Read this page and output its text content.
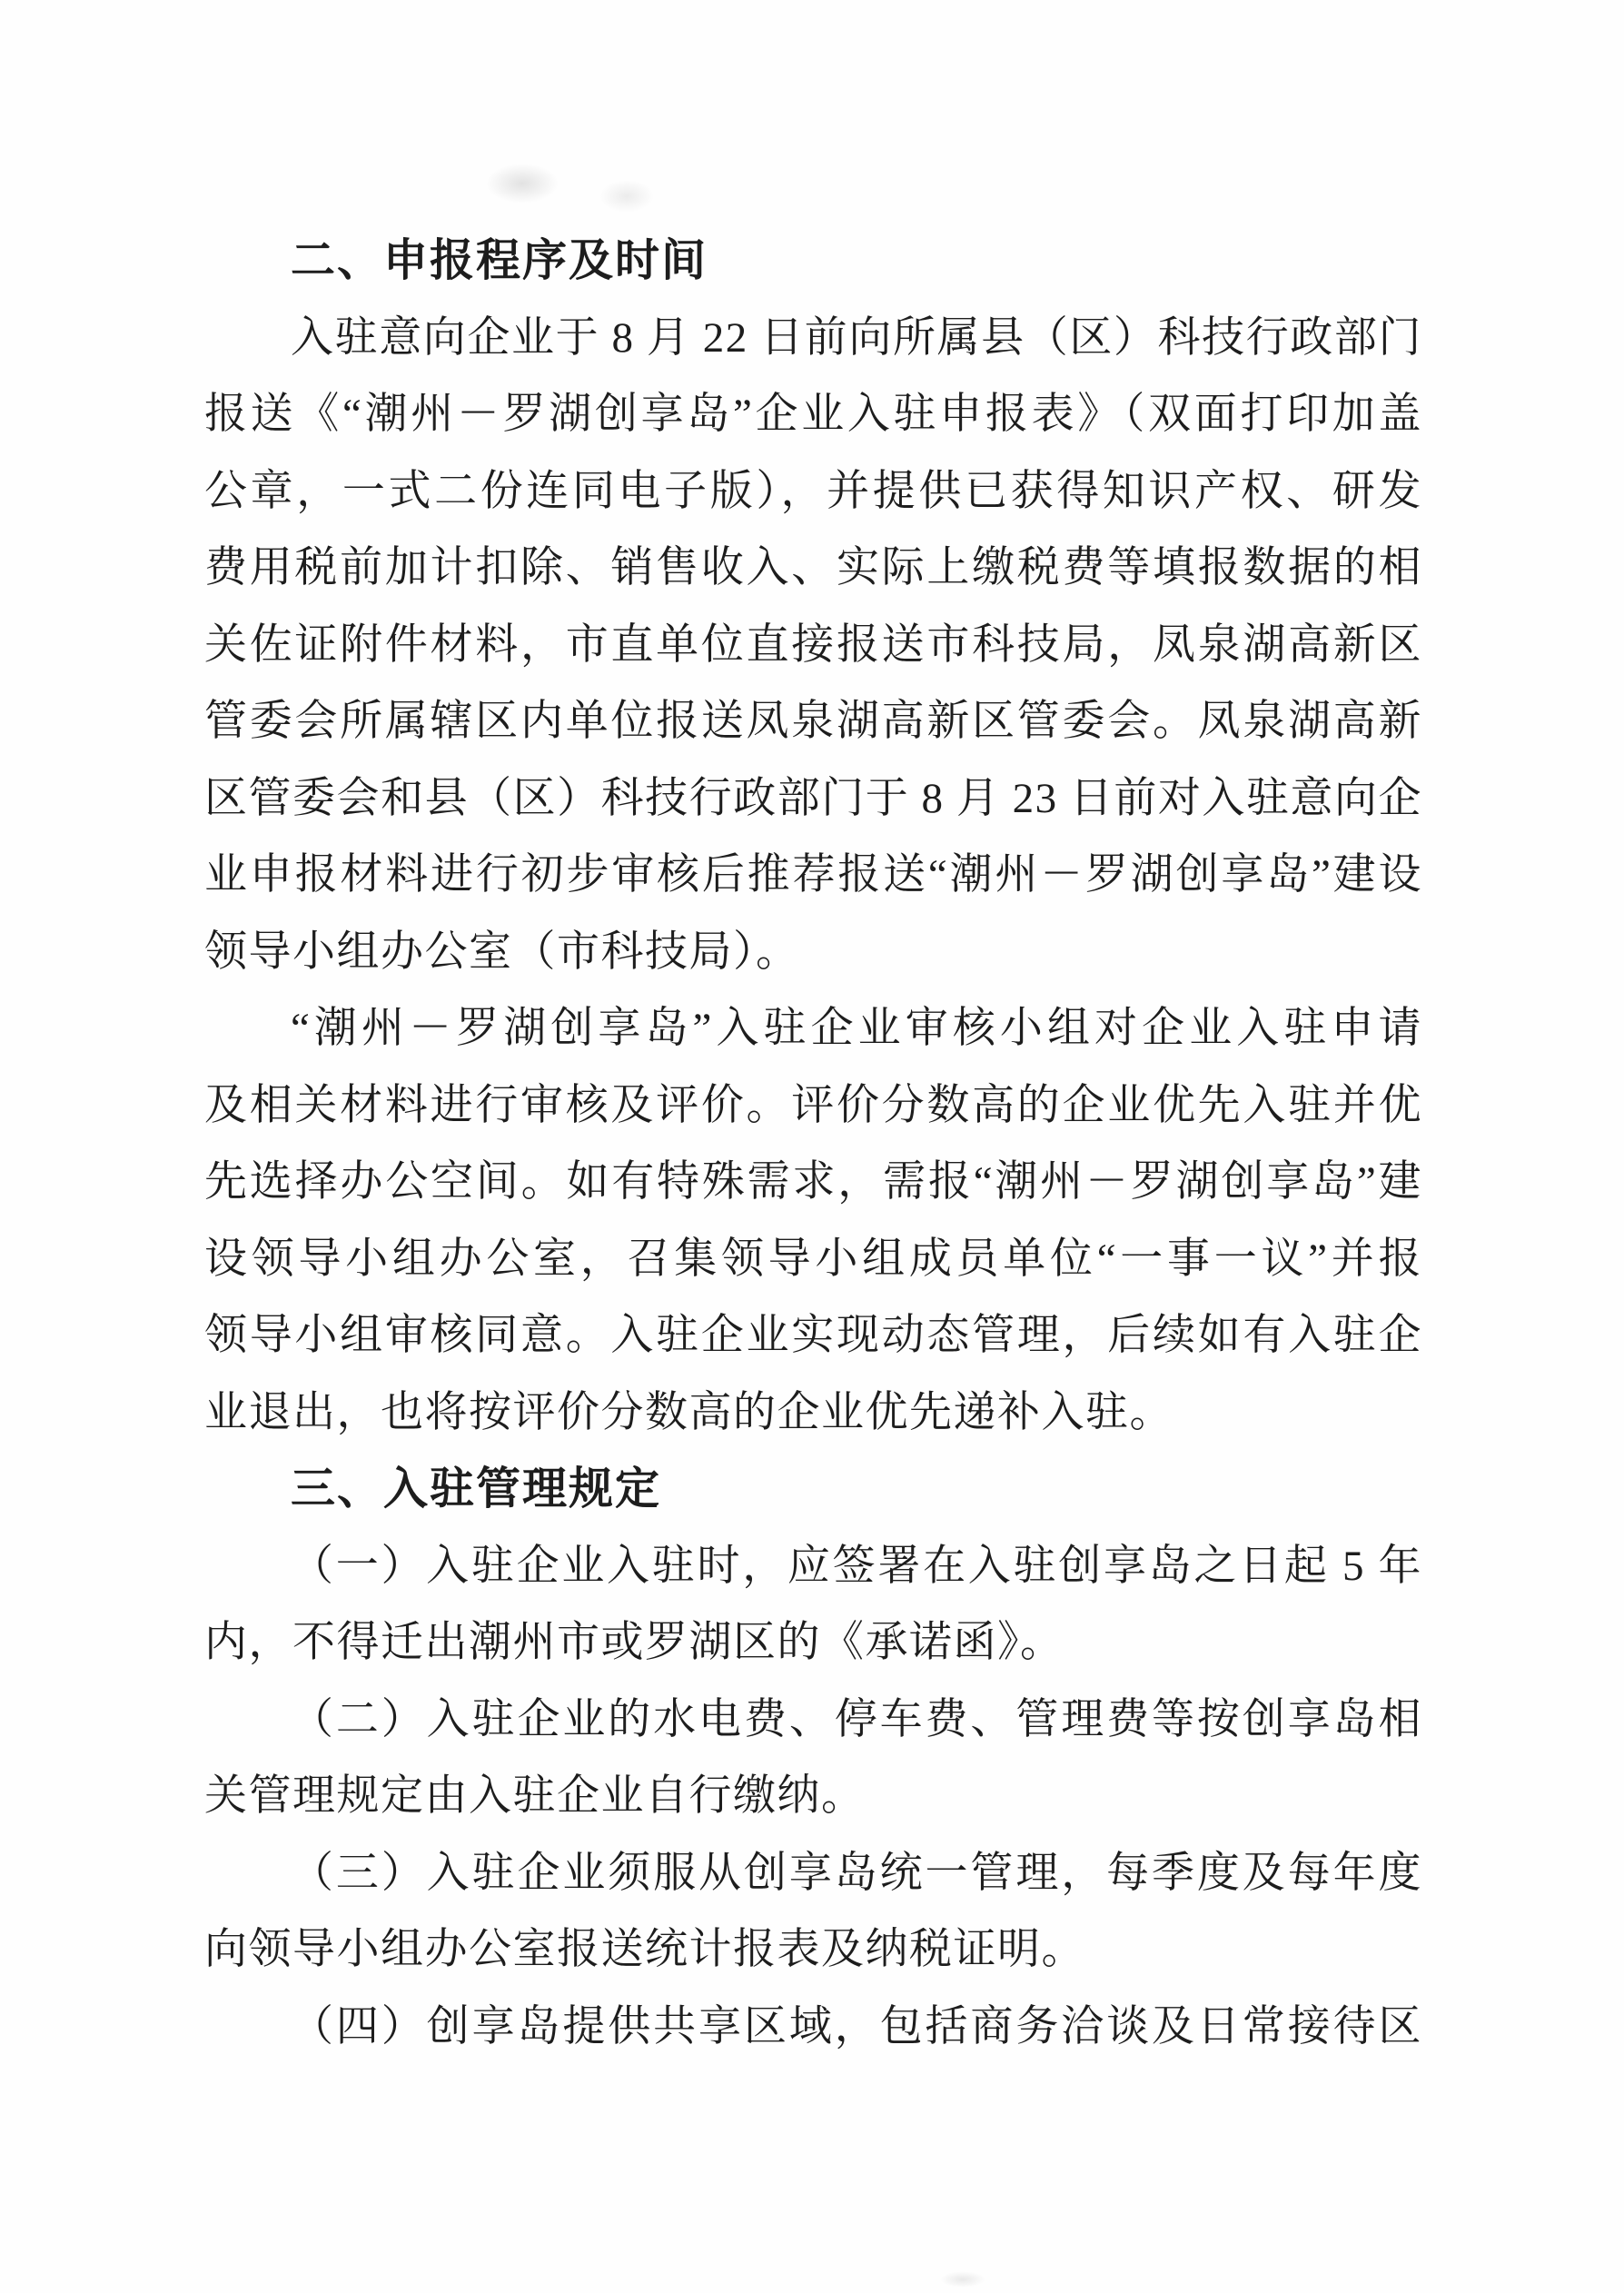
二、申报程序及时间
入驻意向企业于 8 月 22 日前向所属县（区）科技行政部门
报送《“潮州－罗湖创享岛”企业入驻申报表》（双面打印加盖
公章，一式二份连同电子版），并提供已获得知识产权、研发
费用税前加计扣除、销售收入、实际上缴税费等填报数据的相
关佐证附件材料，市直单位直接报送市科技局，凤泉湖高新区
管委会所属辖区内单位报送凤泉湖高新区管委会。凤泉湖高新
区管委会和县（区）科技行政部门于 8 月 23 日前对入驻意向企
业申报材料进行初步审核后推荐报送“潮州－罗湖创享岛”建设
领导小组办公室（市科技局）。
“潮州－罗湖创享岛”入驻企业审核小组对企业入驻申请
及相关材料进行审核及评价。评价分数高的企业优先入驻并优
先选择办公空间。如有特殊需求，需报“潮州－罗湖创享岛”建
设领导小组办公室，召集领导小组成员单位“一事一议”并报
领导小组审核同意。入驻企业实现动态管理，后续如有入驻企
业退出，也将按评价分数高的企业优先递补入驻。
三、入驻管理规定
（一）入驻企业入驻时，应签署在入驻创享岛之日起 5 年
内，不得迁出潮州市或罗湖区的《承诺函》。
（二）入驻企业的水电费、停车费、管理费等按创享岛相
关管理规定由入驻企业自行缴纳。
（三）入驻企业须服从创享岛统一管理，每季度及每年度
向领导小组办公室报送统计报表及纳税证明。
（四）创享岛提供共享区域，包括商务洽谈及日常接待区
